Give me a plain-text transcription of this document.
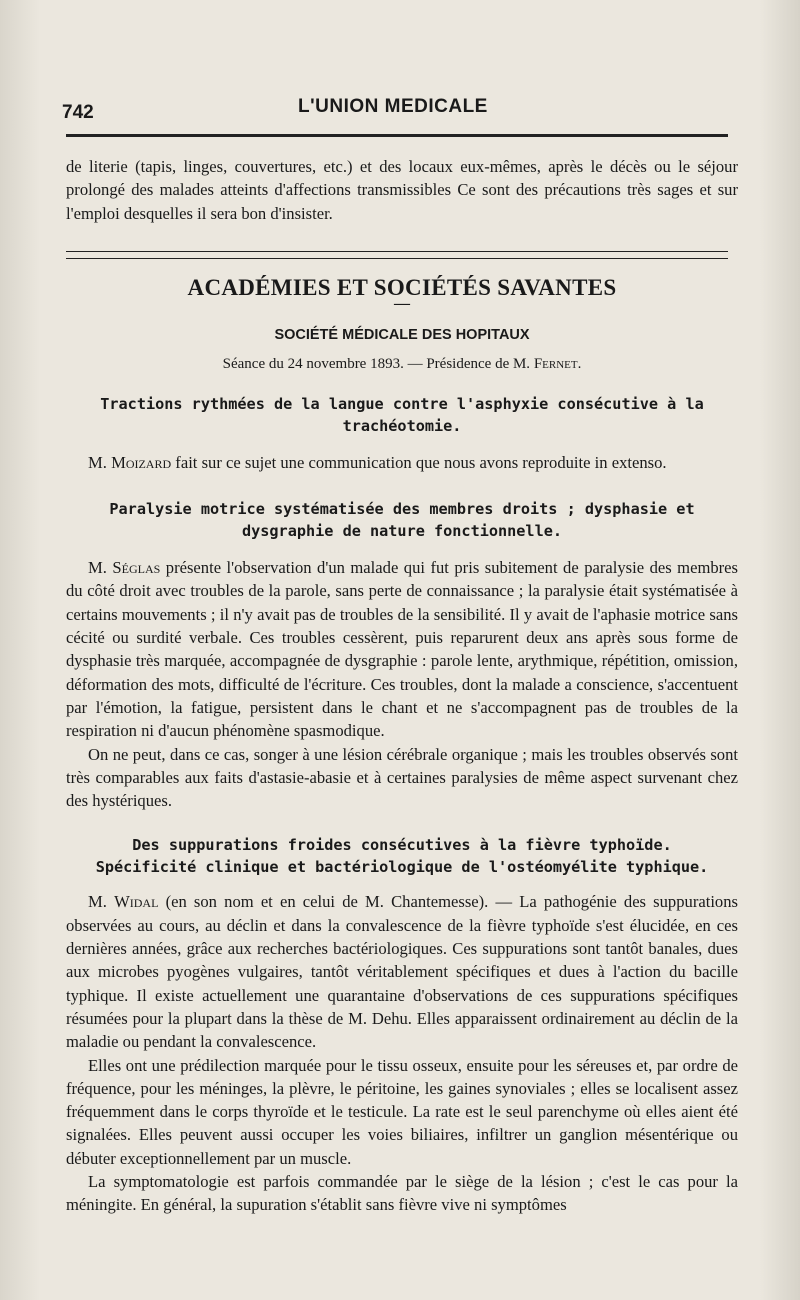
742	L'UNION MEDICALE

de literie (tapis, linges, couvertures, etc.) et des locaux eux-mêmes, après le décès ou le séjour prolongé des malades atteints d'affections transmissibles Ce sont des précautions très sages et sur l'emploi desquelles il sera bon d'insister.

ACADÉMIES ET SOCIÉTÉS SAVANTES
—
SOCIÉTÉ MÉDICALE DES HOPITAUX
Séance du 24 novembre 1893. — Présidence de M. Fernet.
Tractions rythmées de la langue contre l'asphyxie consécutive à la trachéotomie.

M. Moizard fait sur ce sujet une communication que nous avons reproduite in extenso.

Paralysie motrice systématisée des membres droits ; dysphasie et dysgraphie de nature fonctionnelle.

M. Séglas présente l'observation d'un malade qui fut pris subitement de paralysie des membres du côté droit avec troubles de la parole, sans perte de connaissance ; la paralysie était systématisée à certains mouvements ; il n'y avait pas de troubles de la sensibilité. Il y avait de l'aphasie motrice sans cécité ou surdité verbale. Ces troubles cessèrent, puis reparurent deux ans après sous forme de dysphasie très marquée, accompagnée de dysgraphie : parole lente, arythmique, répétition, omission, déformation des mots, difficulté de l'écriture. Ces troubles, dont la malade a conscience, s'accentuent par l'émotion, la fatigue, persistent dans le chant et ne s'accompagnent pas de troubles de la respiration ni d'aucun phénomène spasmodique.

On ne peut, dans ce cas, songer à une lésion cérébrale organique ; mais les troubles observés sont très comparables aux faits d'astasie-abasie et à certaines paralysies de même aspect survenant chez des hystériques.

Des suppurations froides consécutives à la fièvre typhoïde.
Spécificité clinique et bactériologique de l'ostéomyélite typhique.

M. Widal (en son nom et en celui de M. Chantemesse). — La pathogénie des suppurations observées au cours, au déclin et dans la convalescence de la fièvre typhoïde s'est élucidée, en ces dernières années, grâce aux recherches bactériologiques. Ces suppurations sont tantôt banales, dues aux microbes pyogènes vulgaires, tantôt véritablement spécifiques et dues à l'action du bacille typhique. Il existe actuellement une quarantaine d'observations de ces suppurations spécifiques résumées pour la plupart dans la thèse de M. Dehu. Elles apparaissent ordinairement au déclin de la maladie ou pendant la convalescence.

Elles ont une prédilection marquée pour le tissu osseux, ensuite pour les séreuses et, par ordre de fréquence, pour les méninges, la plèvre, le péritoine, les gaines synoviales ; elles se localisent assez fréquemment dans le corps thyroïde et le testicule. La rate est le seul parenchyme où elles aient été signalées. Elles peuvent aussi occuper les voies biliaires, infiltrer un ganglion mésentérique ou débuter exceptionnellement par un muscle.

La symptomatologie est parfois commandée par le siège de la lésion ; c'est le cas pour la méningite. En général, la supuration s'établit sans fièvre vive ni symptômes
